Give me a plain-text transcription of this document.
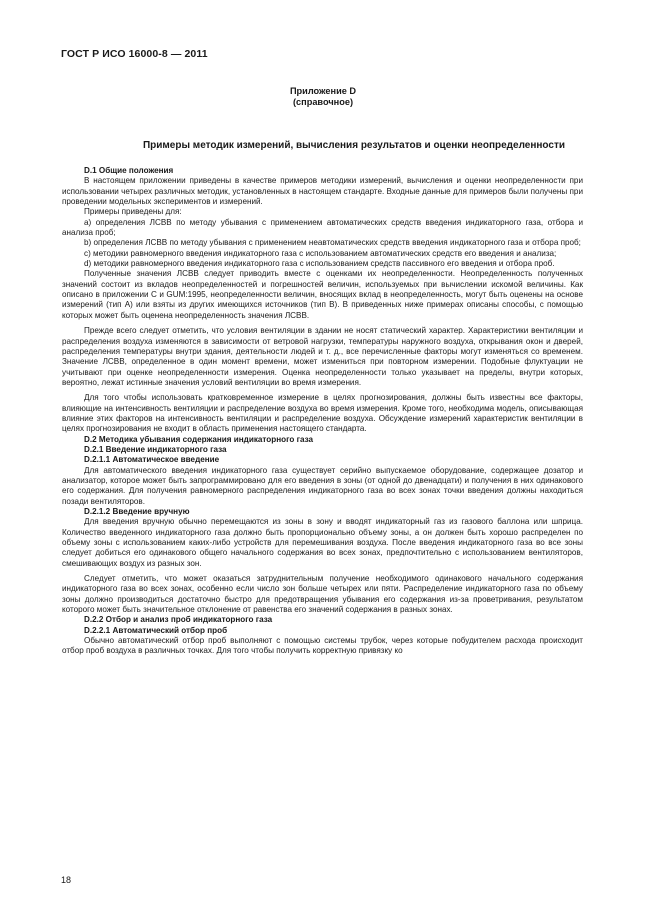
ГОСТ Р ИСО 16000-8 — 2011
Приложение D
(справочное)
Примеры методик измерений, вычисления результатов и оценки неопределенности

D.1 Общие положения

В настоящем приложении приведены в качестве примеров методики измерений, вычисления и оценки неопределенности при использовании четырех различных методик, установленных в настоящем стандарте. Входные данные для примеров были получены при проведении модельных экспериментов и измерений.

Примеры приведены для:

а) определения ЛСВВ по методу убывания с применением автоматических средств введения индикаторного газа, отбора и анализа проб;

b) определения ЛСВВ по методу убывания с применением неавтоматических средств введения индикаторного газа и отбора проб;

c) методики равномерного введения индикаторного газа с использованием автоматических средств его введения и анализа;

d) методики равномерного введения индикаторного газа с использованием средств пассивного его введения и отбора проб.

Полученные значения ЛСВВ следует приводить вместе с оценками их неопределенности. Неопределенность полученных значений состоит из вкладов неопределенностей и погрешностей величин, используемых при вычислении искомой величины. Как описано в приложении С и GUM:1995, неопределенности величин, вносящих вклад в неопределенность, могут быть оценены на основе измерений (тип А) или взяты из других имеющихся источников (тип В). В приведенных ниже примерах описаны способы, с помощью которых может быть оценена неопределенность значения ЛСВВ.

Прежде всего следует отметить, что условия вентиляции в здании не носят статический характер. Характеристики вентиляции и распределения воздуха изменяются в зависимости от ветровой нагрузки, температуры наружного воздуха, открывания окон и дверей, распределения температуры внутри здания, деятельности людей и т. д., все перечисленные факторы могут изменяться со временем. Значение ЛСВВ, определенное в один момент времени, может измениться при повторном измерении. Подобные флуктуации не учитывают при оценке неопределенности измерения. Оценка неопределенности только указывает на пределы, внутри которых, вероятно, лежат истинные значения условий вентиляции во время измерения.

Для того чтобы использовать кратковременное измерение в целях прогнозирования, должны быть известны все факторы, влияющие на интенсивность вентиляции и распределение воздуха во время измерения. Кроме того, необходима модель, описывающая влияние этих факторов на интенсивность вентиляции и распределение воздуха. Обсуждение измерений характеристик вентиляции в целях прогнозирования не входит в область применения настоящего стандарта.

D.2 Методика убывания содержания индикаторного газа

D.2.1 Введение индикаторного газа

D.2.1.1 Автоматическое введение

Для автоматического введения индикаторного газа существует серийно выпускаемое оборудование, содержащее дозатор и анализатор, которое может быть запрограммировано для его введения в зоны (от одной до двенадцати) и получения в них одинакового его содержания. Для получения равномерного распределения индикаторного газа во всех зонах точки введения должны находиться позади вентиляторов.

D.2.1.2 Введение вручную

Для введения вручную обычно перемещаются из зоны в зону и вводят индикаторный газ из газового баллона или шприца. Количество введенного индикаторного газа должно быть пропорционально объему зоны, а он должен быть хорошо распределен по объему зоны с использованием каких-либо устройств для перемешивания воздуха. После введения индикаторного газа во все зоны следует добиться его одинакового общего начального содержания во всех зонах, предпочтительно с использованием вентиляторов, смешивающих воздух из разных зон.

Следует отметить, что может оказаться затруднительным получение необходимого одинакового начального содержания индикаторного газа во всех зонах, особенно если число зон больше четырех или пяти. Распределение индикаторного газа по объему зоны должно производиться достаточно быстро для предотвращения убывания его содержания из-за проветривания, результатом которого может быть значительное отклонение от равенства его значений содержания в разных зонах.

D.2.2 Отбор и анализ проб индикаторного газа

D.2.2.1 Автоматический отбор проб

Обычно автоматический отбор проб выполняют с помощью системы трубок, через которые побудителем расхода происходит отбор проб воздуха в различных точках. Для того чтобы получить корректную привязку ко

18
